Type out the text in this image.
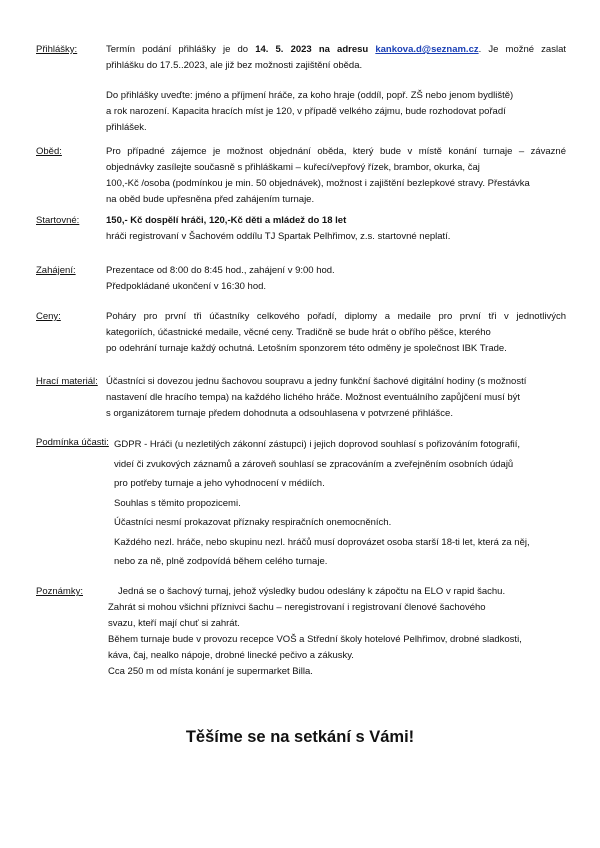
Přihlášky:	Termín podání přihlášky je do 14. 5. 2023 na adresu kankova.d@seznam.cz. Je možné zaslat
přihlášku do 17.5..2023, ale již bez možnosti zajištění oběda.
Do přihlášky uveďte: jméno a příjmení hráče, za koho hraje (oddíl, popř. ZŠ nebo jenom bydliště)
a rok narození. Kapacita hracích míst je 120, v případě velkého zájmu, bude rozhodovat pořadí
přihlášek.
Oběd:	Pro případné zájemce je možnost objednání oběda, který bude v místě konání turnaje – závazné
objednávky zasílejte současně s přihláškami – kuřecí/vepřový řízek, brambor, okurka, čaj
100,-Kč /osoba (podmínkou je min. 50 objednávek), možnost i zajištění bezlepkové stravy. Přestávka
na oběd bude upřesněna před zahájením turnaje.
Startovné:	150,- Kč dospělí hráči, 120,-Kč děti a mládež do 18 let
hráči registrovaní v Šachovém oddílu TJ Spartak Pelhřimov, z.s. startovné neplatí.
Zahájení:	Prezentace od 8:00 do 8:45 hod., zahájení v 9:00 hod.
Předpokládané ukončení v 16:30 hod.
Ceny:	Poháry pro první tři účastníky celkového pořadí, diplomy a medaile pro první tři v jednotlivých
kategoriích, účastnické medaile, věcné ceny. Tradičně se bude hrát o obřího pěšce, kterého
po odehrání turnaje každý ochutná. Letošním sponzorem této odměny je společnost IBK Trade.
Hrací materiál: Účastníci si dovezou jednu šachovou soupravu a jedny funkční šachové digitální hodiny (s možností
nastavení dle hracího tempa) na každého lichého hráče. Možnost eventuálního zapůjčení musí být
s organizátorem turnaje předem dohodnuta a odsouhlasena v potvrzené přihlášce.
Podmínka účasti: GDPR - Hráči (u nezletilých zákonní zástupci) i jejich doprovod souhlasí s pořizováním fotografií,
videí či zvukových záznamů a zároveň souhlasí se zpracováním a zveřejněním osobních údajů
pro potřeby turnaje a jeho vyhodnocení v médiích.
Souhlas s těmito propozicemi.
Účastníci nesmí prokazovat příznaky respiračních onemocněních.
Každého nezl. hráče, nebo skupinu nezl. hráčů musí doprovázet osoba starší 18-ti let, která za něj,
nebo za ně, plně zodpovídá během celého turnaje.
Poznámky:	Jedná se o šachový turnaj, jehož výsledky budou odeslány k zápočtu na ELO v rapid šachu.
Zahrát si mohou všichni příznivci šachu – neregistrovaní i registrovaní členové šachového
svazu, kteří mají chuť si zahrát.
Během turnaje bude v provozu recepce VOŠ a Střední školy hotelové Pelhřimov, drobné sladkosti,
káva, čaj, nealko nápoje, drobné linecké pečivo a zákusky.
Cca 250 m od místa konání je supermarket Billa.
Těšíme se na setkání s Vámi!
